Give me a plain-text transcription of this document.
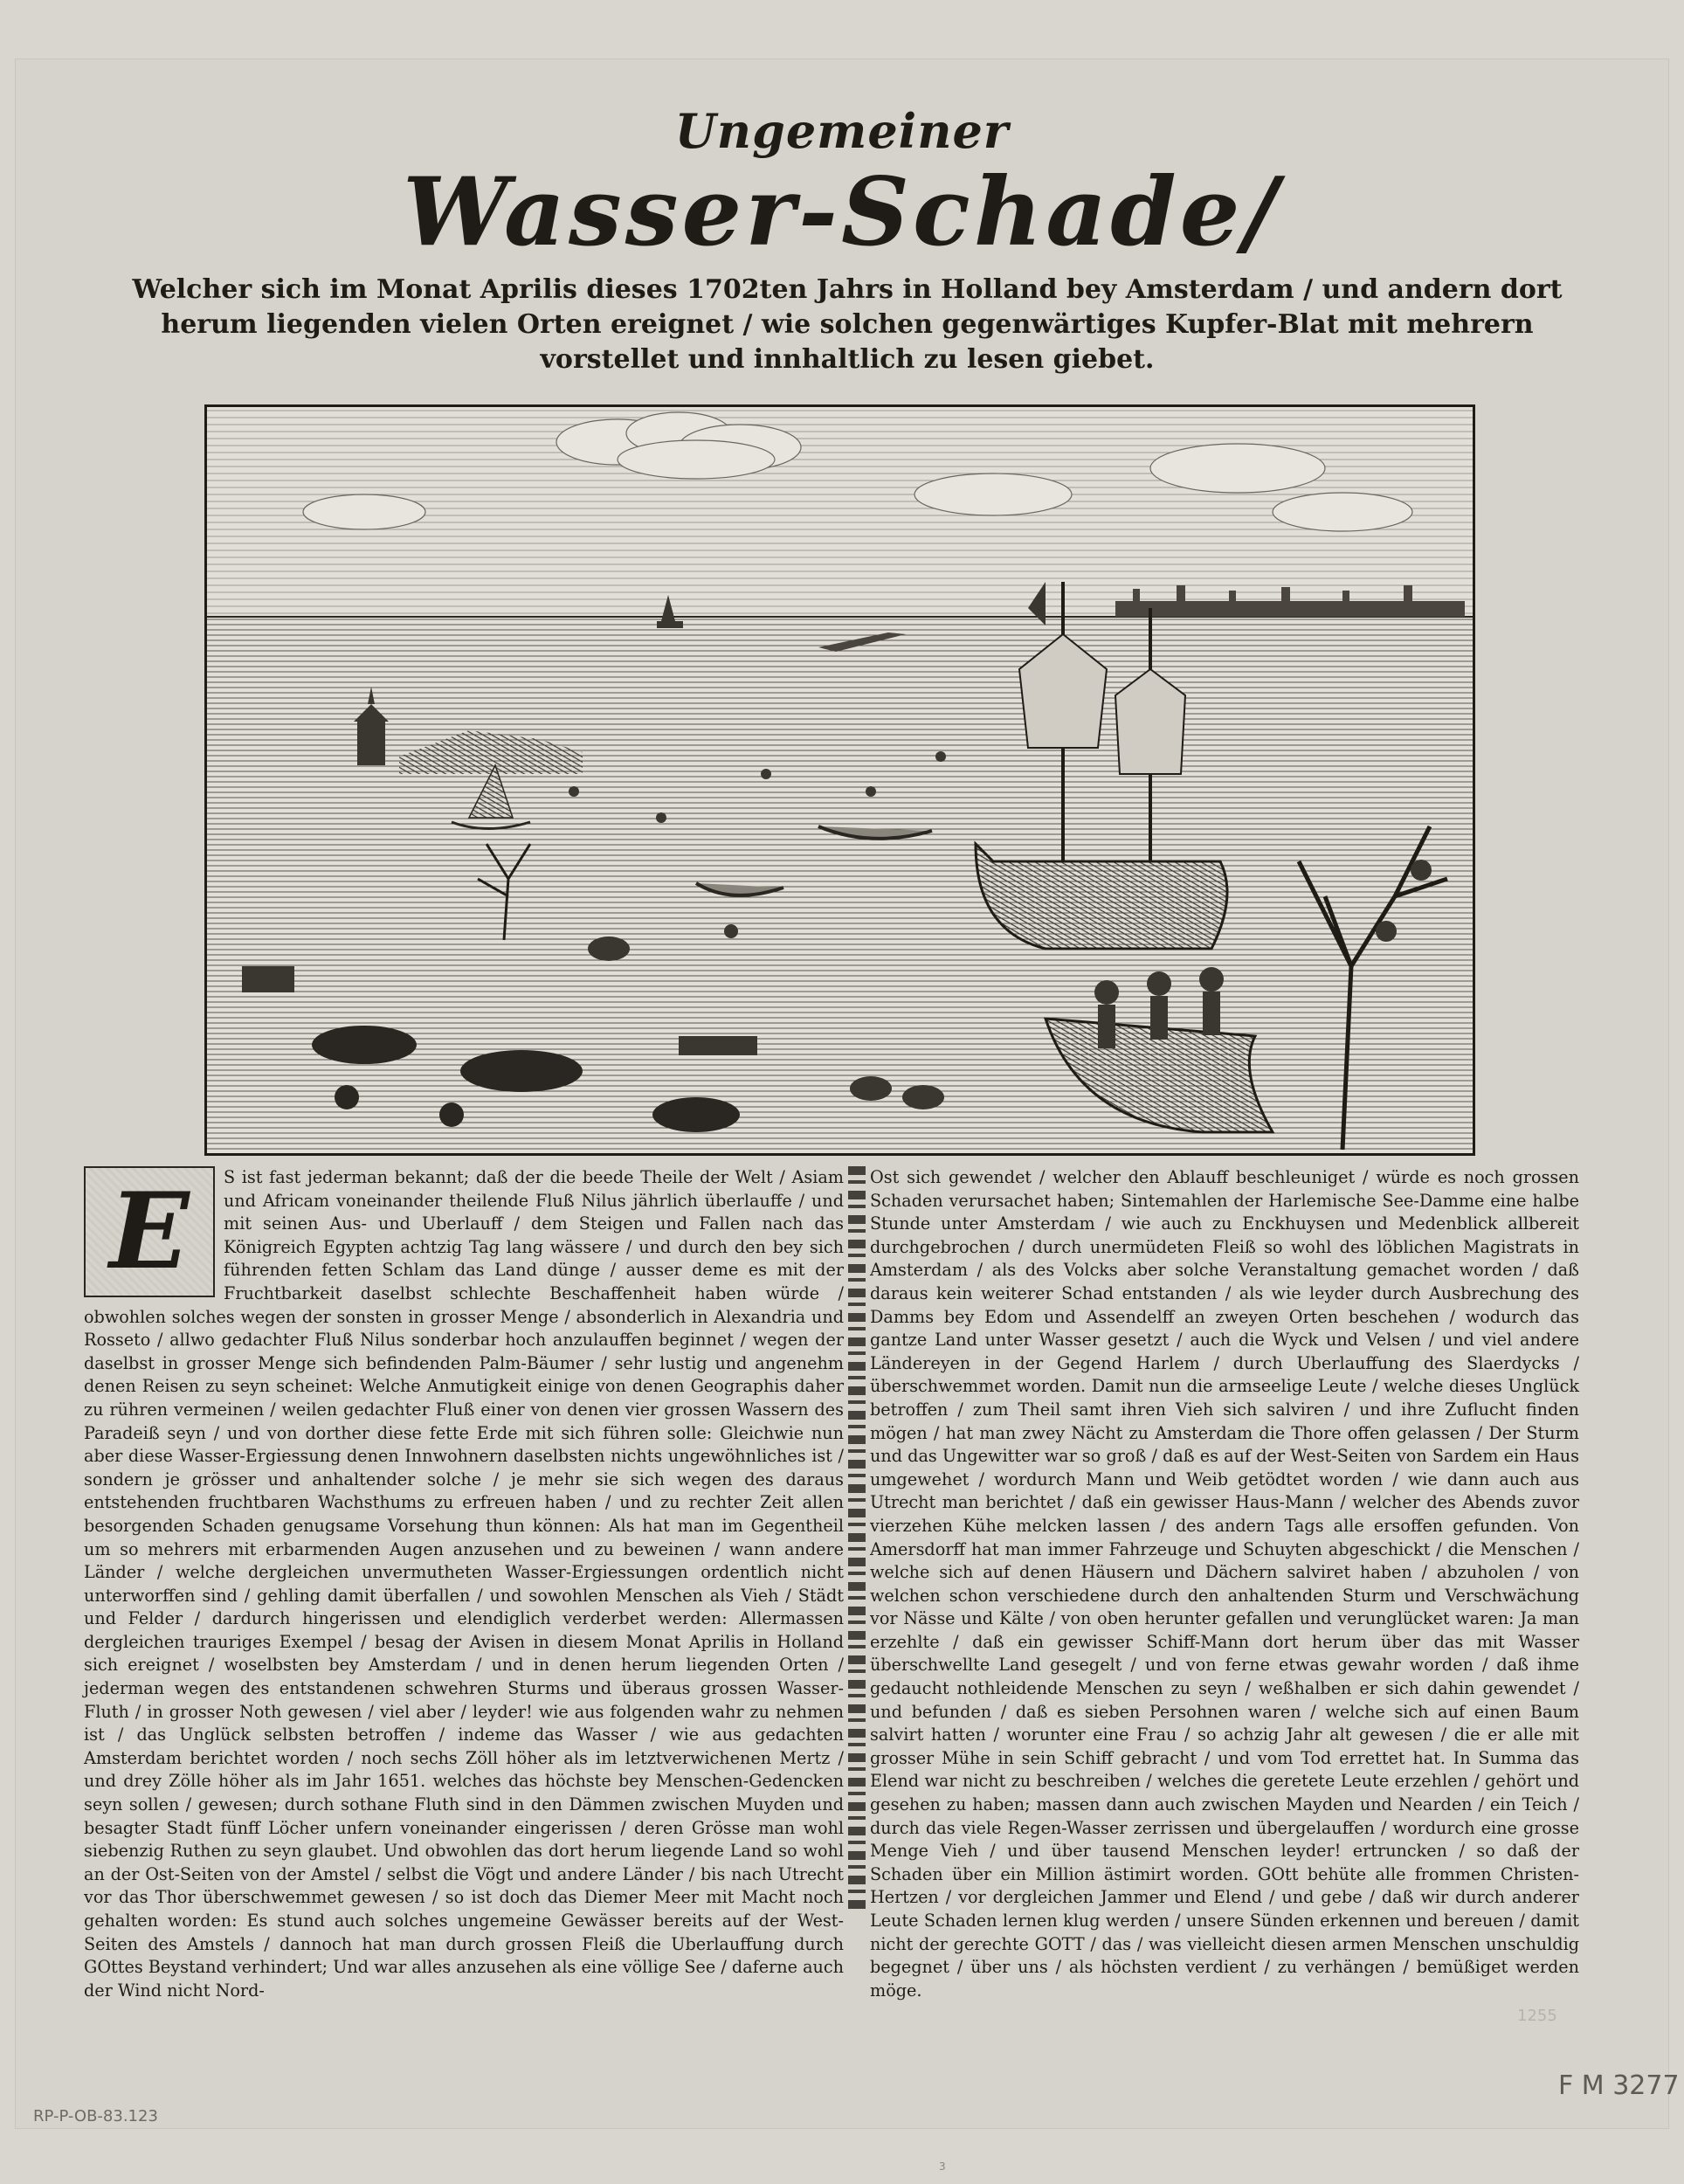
Ungemeiner
Wasser-Schade/
Welcher sich im Monat Aprilis dieses 1702ten Jahrs in Holland bey Amsterdam / und andern dort herum liegenden vielen Orten ereignet / wie solchen gegenwärtiges Kupfer-Blat mit mehrern vorstellet und innhaltlich zu lesen giebet.
E	S ist fast jederman bekannt; daß der die beede Theile der Welt / Asiam und Africam voneinander theilende Fluß Nilus jährlich überlauffe / und mit seinen Aus- und Uberlauff / dem Steigen und Fallen nach das Königreich Egypten achtzig Tag lang wässere / und durch den bey sich führenden fetten Schlam das Land dünge / ausser deme es mit der Fruchtbarkeit daselbst schlechte Beschaffenheit haben würde / obwohlen solches wegen der sonsten in grosser Menge / absonderlich in Alexandria und Rosseto / allwo gedachter Fluß Nilus sonderbar hoch anzulauffen beginnet / wegen der daselbst in grosser Menge sich befindenden Palm-Bäumer / sehr lustig und angenehm denen Reisen zu seyn scheinet: Welche Anmutigkeit einige von denen Geographis daher zu rühren vermeinen / weilen gedachter Fluß einer von denen vier grossen Wassern des Paradeiß seyn / und von dorther diese fette Erde mit sich führen solle: Gleichwie nun aber diese Wasser-Ergiessung denen Innwohnern daselbsten nichts ungewöhnliches ist / sondern je grösser und anhaltender solche / je mehr sie sich wegen des daraus entstehenden fruchtbaren Wachsthums zu erfreuen haben / und zu rechter Zeit allen besorgenden Schaden genugsame Vorsehung thun können: Als hat man im Gegentheil um so mehrers mit erbarmenden Augen anzusehen und zu beweinen / wann andere Länder / welche dergleichen unvermutheten Wasser-Ergiessungen ordentlich nicht unterworffen sind / gehling damit überfallen / und sowohlen Menschen als Vieh / Städt und Felder / dardurch hingerissen und elendiglich verderbet werden: Allermassen dergleichen trauriges Exempel / besag der Avisen in diesem Monat Aprilis in Holland sich ereignet / woselbsten bey Amsterdam / und in denen herum liegenden Orten / jederman wegen des entstandenen schwehren Sturms und überaus grossen Wasser-Fluth / in grosser Noth gewesen / viel aber / leyder! wie aus folgenden wahr zu nehmen ist / das Unglück selbsten betroffen / indeme das Wasser / wie aus gedachten Amsterdam berichtet worden / noch sechs Zöll höher als im letztverwichenen Mertz / und drey Zölle höher als im Jahr 1651. welches das höchste bey Menschen-Gedencken seyn sollen / gewesen; durch sothane Fluth sind in den Dämmen zwischen Muyden und besagter Stadt fünff Löcher unfern voneinander eingerissen / deren Grösse man wohl siebenzig Ruthen zu seyn glaubet. Und obwohlen das dort herum liegende Land so wohl an der Ost-Seiten von der Amstel / selbst die Vögt und andere Länder / bis nach Utrecht vor das Thor überschwemmet gewesen / so ist doch das Diemer Meer mit Macht noch gehalten worden: Es stund auch solches ungemeine Gewässer bereits auf der West-Seiten des Amstels / dannoch hat man durch grossen Fleiß die Uberlauffung durch GOttes Beystand verhindert; Und war alles anzusehen als eine völlige See / daferne auch der Wind nicht Nord-

Ost sich gewendet / welcher den Ablauff beschleuniget / würde es noch grossen Schaden verursachet haben; Sintemahlen der Harlemische See-Damme eine halbe Stunde unter Amsterdam / wie auch zu Enckhuysen und Medenblick allbereit durchgebrochen / durch unermüdeten Fleiß so wohl des löblichen Magistrats in Amsterdam / als des Volcks aber solche Veranstaltung gemachet worden / daß daraus kein weiterer Schad entstanden / als wie leyder durch Ausbrechung des Damms bey Edom und Assendelff an zweyen Orten beschehen / wodurch das gantze Land unter Wasser gesetzt / auch die Wyck und Velsen / und viel andere Ländereyen in der Gegend Harlem / durch Uberlauffung des Slaerdycks / überschwemmet worden. Damit nun die armseelige Leute / welche dieses Unglück betroffen / zum Theil samt ihren Vieh sich salviren / und ihre Zuflucht finden mögen / hat man zwey Nächt zu Amsterdam die Thore offen gelassen / Der Sturm und das Ungewitter war so groß / daß es auf der West-Seiten von Sardem ein Haus umgewehet / wordurch Mann und Weib getödtet worden / wie dann auch aus Utrecht man berichtet / daß ein gewisser Haus-Mann / welcher des Abends zuvor vierzehen Kühe melcken lassen / des andern Tags alle ersoffen gefunden. Von Amersdorff hat man immer Fahrzeuge und Schuyten abgeschickt / die Menschen / welche sich auf denen Häusern und Dächern salviret haben / abzuholen / von welchen schon verschiedene durch den anhaltenden Sturm und Verschwächung vor Nässe und Kälte / von oben herunter gefallen und verunglücket waren: Ja man erzehlte / daß ein gewisser Schiff-Mann dort herum über das mit Wasser überschwellte Land gesegelt / und von ferne etwas gewahr worden / daß ihme gedaucht nothleidende Menschen zu seyn / weßhalben er sich dahin gewendet / und befunden / daß es sieben Persohnen waren / welche sich auf einen Baum salvirt hatten / worunter eine Frau / so achzig Jahr alt gewesen / die er alle mit grosser Mühe in sein Schiff gebracht / und vom Tod errettet hat. In Summa das Elend war nicht zu beschreiben / welches die geretete Leute erzehlen / gehört und gesehen zu haben; massen dann auch zwischen Mayden und Nearden / ein Teich / durch das viele Regen-Wasser zerrissen und übergelauffen / wordurch eine grosse Menge Vieh / und über tausend Menschen leyder! ertruncken / so daß der Schaden über ein Million ästimirt worden. GOtt behüte alle frommen Christen-Hertzen / vor dergleichen Jammer und Elend / und gebe / daß wir durch anderer Leute Schaden lernen klug werden / unsere Sünden erkennen und bereuen / damit nicht der gerechte GOTT / das / was vielleicht diesen armen Menschen unschuldig begegnet / über uns / als höchsten verdient / zu verhängen / bemüßiget werden möge.

1255
RP-P-OB-83.123
F M 3277
3
